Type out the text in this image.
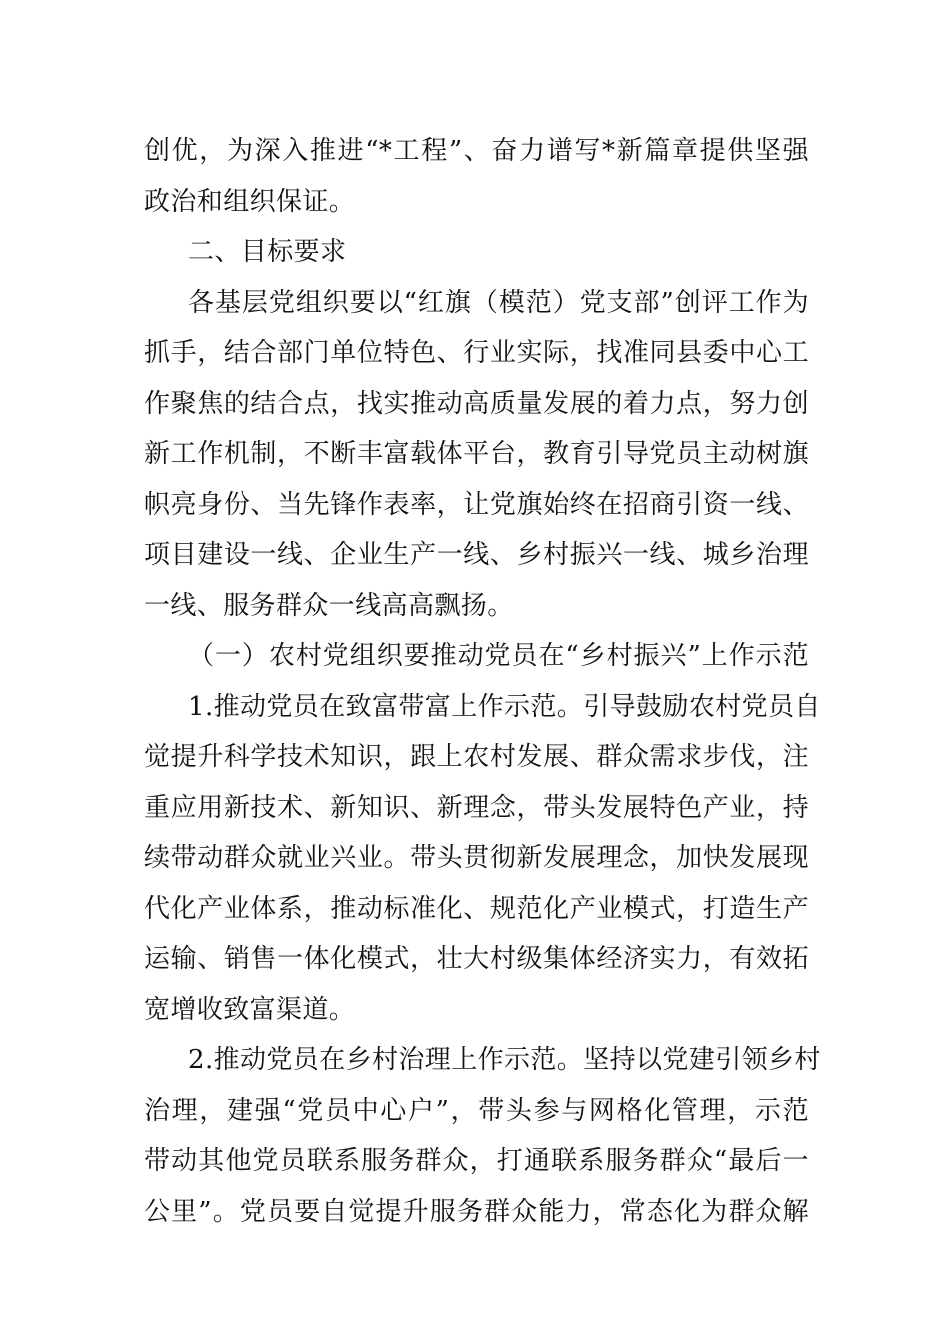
创优，为深入推进“*工程”、奋力谱写*新篇章提供坚强
政治和组织保证。
二、目标要求
各基层党组织要以“红旗（模范）党支部”创评工作为
抓手，结合部门单位特色、行业实际，找准同县委中心工
作聚焦的结合点，找实推动高质量发展的着力点，努力创
新工作机制，不断丰富载体平台，教育引导党员主动树旗
帜亮身份、当先锋作表率，让党旗始终在招商引资一线、
项目建设一线、企业生产一线、乡村振兴一线、城乡治理
一线、服务群众一线高高飘扬。
（一）农村党组织要推动党员在“乡村振兴”上作示范
1.推动党员在致富带富上作示范。引导鼓励农村党员自
觉提升科学技术知识，跟上农村发展、群众需求步伐，注
重应用新技术、新知识、新理念，带头发展特色产业，持
续带动群众就业兴业。带头贯彻新发展理念，加快发展现
代化产业体系，推动标准化、规范化产业模式，打造生产
运输、销售一体化模式，壮大村级集体经济实力，有效拓
宽增收致富渠道。
2.推动党员在乡村治理上作示范。坚持以党建引领乡村
治理，建强“党员中心户”，带头参与网格化管理，示范
带动其他党员联系服务群众，打通联系服务群众“最后一
公里”。党员要自觉提升服务群众能力，常态化为群众解
